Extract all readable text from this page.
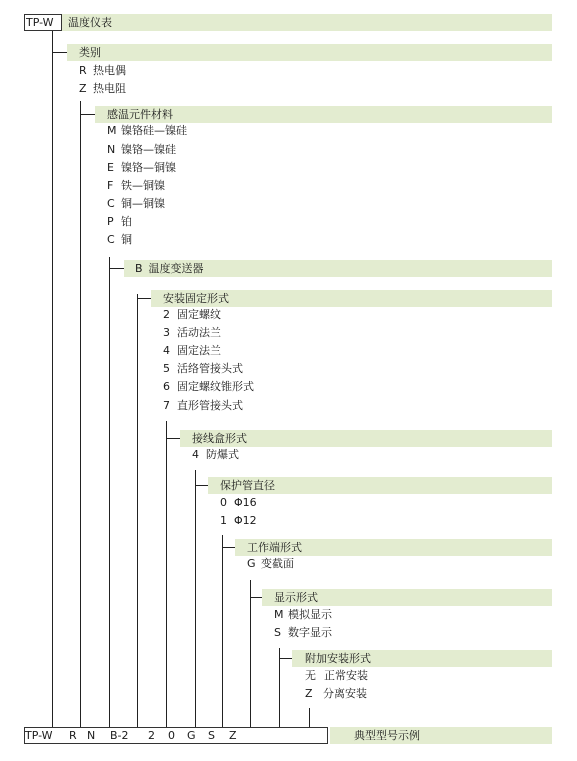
TP-W 温度仪表
类别
R 热电偶
Z 热电阻
感温元件材料
M 镍铬硅—镍硅
N 镍铬—镍硅
E 镍铬—铜镍
F 铁—铜镍
C 铜—铜镍
P 铂
C 铜
B 温度变送器
安装固定形式
2 固定螺纹
3 活动法兰
4 固定法兰
5 活络管接头式
6 固定螺纹锥形式
7 直形管接头式
接线盒形式
4 防爆式
保护管直径
0 Φ16
1 Φ12
工作端形式
G 变截面
显示形式
M 模拟显示
S 数字显示
附加安装形式
无 正常安装
Z 分离安装
TP-W R N B-2 2 0 G S Z	典型型号示例
